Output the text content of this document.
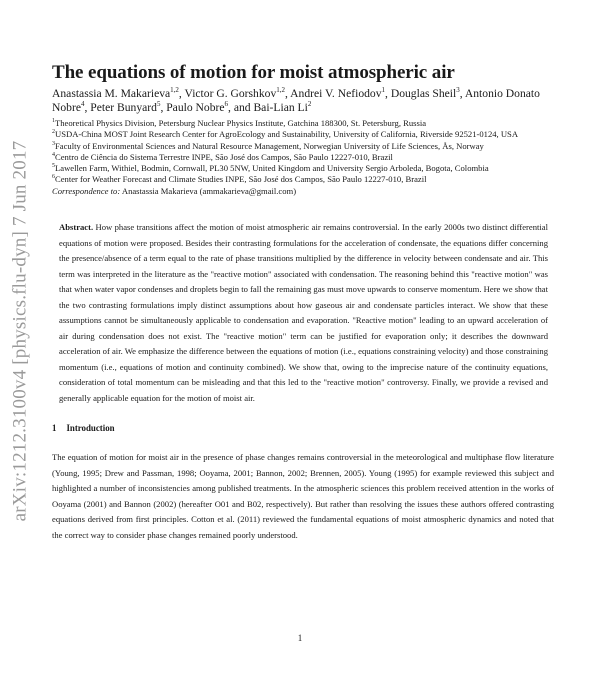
arXiv:1212.3100v4 [physics.flu-dyn] 7 Jun 2017
The equations of motion for moist atmospheric air
Anastassia M. Makarieva$^{1,2}$, Victor G. Gorshkov$^{1,2}$, Andrei V. Nefiodov$^1$, Douglas Sheil$^3$, Antonio Donato Nobre$^4$, Peter Bunyard$^5$, Paulo Nobre$^6$, and Bai-Lian Li$^2$
$^1$Theoretical Physics Division, Petersburg Nuclear Physics Institute, Gatchina 188300, St. Petersburg, Russia
$^2$USDA-China MOST Joint Research Center for AgroEcology and Sustainability, University of California, Riverside 92521-0124, USA
$^3$Faculty of Environmental Sciences and Natural Resource Management, Norwegian University of Life Sciences, Ås, Norway
$^4$Centro de Ciência do Sistema Terrestre INPE, São José dos Campos, São Paulo 12227-010, Brazil
$^5$Lawellen Farm, Withiel, Bodmin, Cornwall, PL30 5NW, United Kingdom and University Sergio Arboleda, Bogota, Colombia
$^6$Center for Weather Forecast and Climate Studies INPE, São José dos Campos, São Paulo 12227-010, Brazil
Correspondence to: Anastassia Makarieva (ammakarieva@gmail.com)
Abstract. How phase transitions affect the motion of moist atmospheric air remains controversial. In the early 2000s two distinct differential equations of motion were proposed. Besides their contrasting formulations for the acceleration of condensate, the equations differ concerning the presence/absence of a term equal to the rate of phase transitions multiplied by the difference in velocity between condensate and air. This term was interpreted in the literature as the "reactive motion" associated with condensation. The reasoning behind this "reactive motion" was that when water vapor condenses and droplets begin to fall the remaining gas must move upwards to conserve momentum. Here we show that the two contrasting formulations imply distinct assumptions about how gaseous air and condensate particles interact. We show that these assumptions cannot be simultaneously applicable to condensation and evaporation. "Reactive motion" leading to an upward acceleration of air during condensation does not exist. The "reactive motion" term can be justified for evaporation only; it describes the downward acceleration of air. We emphasize the difference between the equations of motion (i.e., equations constraining velocity) and those constraining momentum (i.e., equations of motion and continuity combined). We show that, owing to the imprecise nature of the continuity equations, consideration of total momentum can be misleading and that this led to the "reactive motion" controversy. Finally, we provide a revised and generally applicable equation for the motion of moist air.
1 Introduction
The equation of motion for moist air in the presence of phase changes remains controversial in the meteorological and multiphase flow literature (Young, 1995; Drew and Passman, 1998; Ooyama, 2001; Bannon, 2002; Brennen, 2005). Young (1995) for example reviewed this subject and highlighted a number of inconsistencies among published treatments. In the atmospheric sciences this problem received attention in the works of Ooyama (2001) and Bannon (2002) (hereafter O01 and B02, respectively). But rather than resolving the issues these authors offered contrasting equations derived from first principles. Cotton et al. (2011) reviewed the fundamental equations of moist atmospheric dynamics and noted that the correct way to consider phase changes remained poorly understood.
1
